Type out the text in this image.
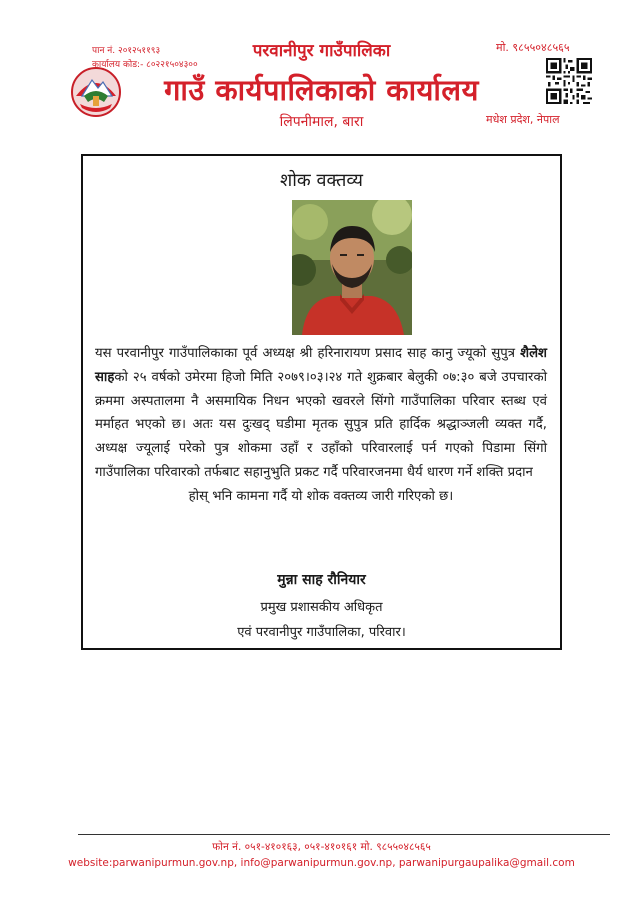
पान नं. २०१२५११९३
कार्यालय कोड:- ८०२२१५०४३००
परवानीपुर गाउँपालिका
गाउँ कार्यपालिकाको कार्यालय
लिपनीमाल, बारा
मो. ९८५५०४८५६५
मधेश प्रदेश, नेपाल
शोक वक्तव्य
यस परवानीपुर गाउँपालिकाका पूर्व अध्यक्ष श्री हरिनारायण प्रसाद साह कानु ज्यूको सुपुत्र शैलेश साहको २५ वर्षको उमेरमा हिजो मिति २०७९।०३।२४ गते शुक्रबार बेलुकी ०७:३० बजे उपचारको क्रममा अस्पतालमा नै असमायिक निधन भएको खवरले सिंगो गाउँपालिका परिवार स्तब्ध एवं मर्माहत भएको छ। अतः यस दुःखद् घडीमा मृतक सुपुत्र प्रति हार्दिक श्रद्धाञ्जली व्यक्त गर्दै, अध्यक्ष ज्यूलाई परेको पुत्र शोकमा उहाँ र उहाँको परिवारलाई पर्न गएको पिडामा सिंगो गाउँपालिका परिवारको तर्फबाट सहानुभुति प्रकट गर्दै परिवारजनमा धैर्य धारण गर्ने शक्ति प्रदान
होस् भनि कामना गर्दै यो शोक वक्तव्य जारी गरिएको छ।
मुन्ना साह रौनियार
प्रमुख प्रशासकीय अधिकृत
एवं परवानीपुर गाउँपालिका, परिवार।
फोन नं. ०५१-४१०१६३, ०५१-४१०१६१ मो. ९८५५०४८५६५
website:parwanipurmun.gov.np, info@parwanipurmun.gov.np, parwanipurgaupalika@gmail.com
